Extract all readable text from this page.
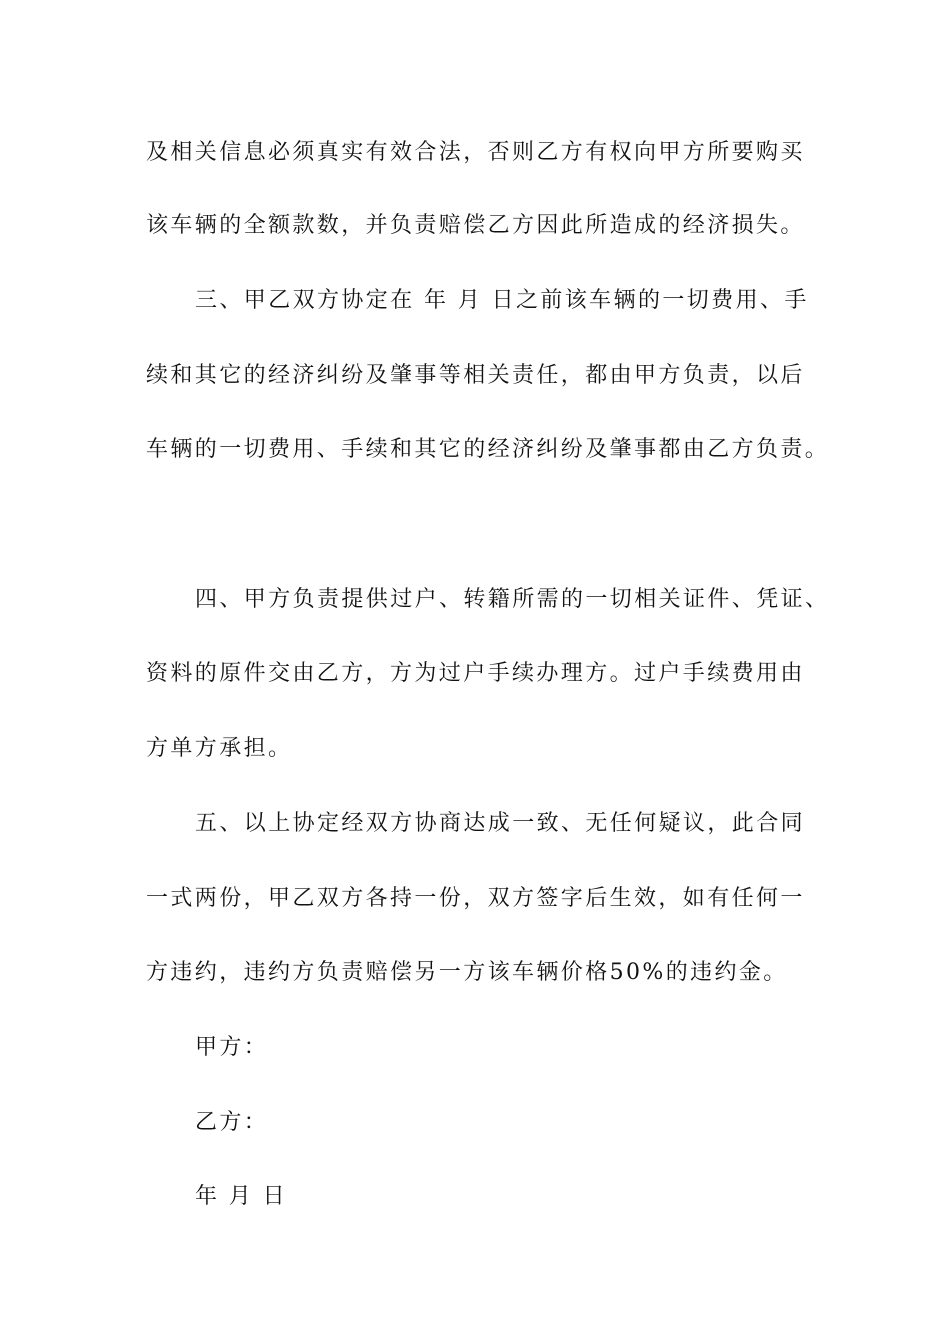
及相关信息必须真实有效合法，否则乙方有权向甲方所要购买
该车辆的全额款数，并负责赔偿乙方因此所造成的经济损失。
三、甲乙双方协定在 年 月 日之前该车辆的一切费用、手
续和其它的经济纠纷及肇事等相关责任，都由甲方负责，以后
车辆的一切费用、手续和其它的经济纠纷及肇事都由乙方负责。
四、甲方负责提供过户、转籍所需的一切相关证件、凭证、
资料的原件交由乙方，方为过户手续办理方。过户手续费用由
方单方承担。
五、以上协定经双方协商达成一致、无任何疑议，此合同
一式两份，甲乙双方各持一份，双方签字后生效，如有任何一
方违约，违约方负责赔偿另一方该车辆价格50%的违约金。
甲方：
乙方：
年 月 日
